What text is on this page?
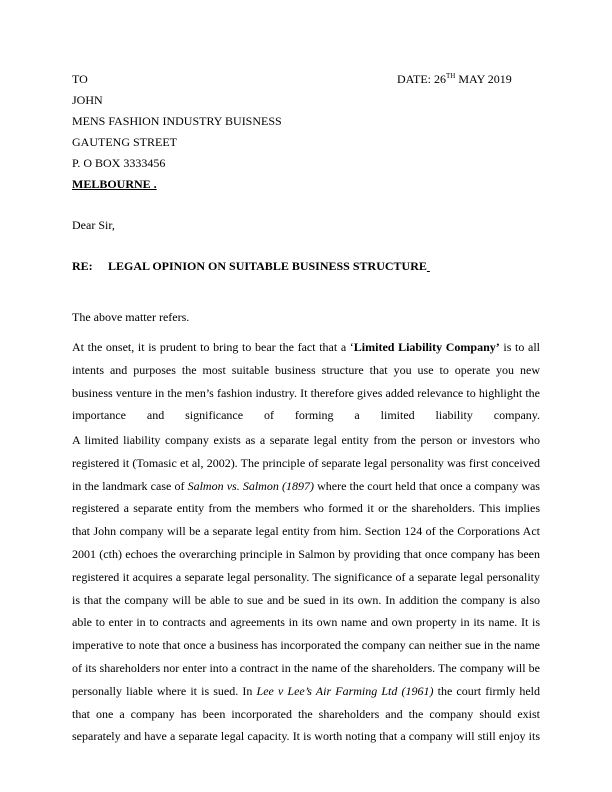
TO	DATE: 26TH MAY 2019
JOHN
MENS FASHION INDUSTRY BUISNESS
GAUTENG STREET
P. O BOX 3333456
MELBOURNE .
Dear Sir,
RE: LEGAL OPINION ON SUITABLE BUSINESS STRUCTURE
The above matter refers.
At the onset, it is prudent to bring to bear the fact that a ‘Limited Liability Company’ is to all
intents and purposes the most suitable business structure that you use to operate you new
business venture in the men’s fashion industry. It therefore gives added relevance to highlight the
importance and significance of forming a limited liability company.
A limited liability company exists as a separate legal entity from the person or investors who
registered it (Tomasic et al, 2002). The principle of separate legal personality was first conceived
in the landmark case of Salmon vs. Salmon (1897) where the court held that once a company was
registered a separate entity from the members who formed it or the shareholders. This implies
that John company will be a separate legal entity from him. Section 124 of the Corporations Act
2001 (cth) echoes the overarching principle in Salmon by providing that once company has been
registered it acquires a separate legal personality. The significance of a separate legal personality
is that the company will be able to sue and be sued in its own. In addition the company is also
able to enter in to contracts and agreements in its own name and own property in its name. It is
imperative to note that once a business has incorporated the company can neither sue in the name
of its shareholders nor enter into a contract in the name of the shareholders. The company will be
personally liable where it is sued. In Lee v Lee’s Air Farming Ltd (1961) the court firmly held
that one a company has been incorporated the shareholders and the company should exist
separately and have a separate legal capacity. It is worth noting that a company will still enjoy its
